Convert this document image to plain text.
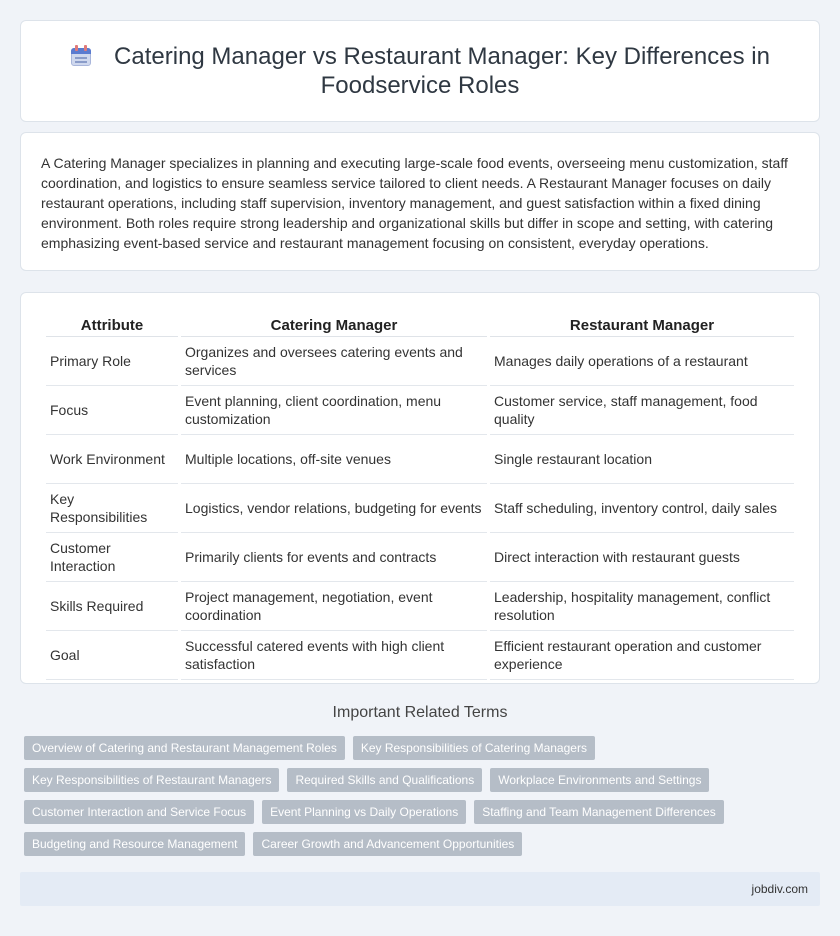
Catering Manager vs Restaurant Manager: Key Differences in Foodservice Roles

A Catering Manager specializes in planning and executing large-scale food events, overseeing menu customization, staff coordination, and logistics to ensure seamless service tailored to client needs. A Restaurant Manager focuses on daily restaurant operations, including staff supervision, inventory management, and guest satisfaction within a fixed dining environment. Both roles require strong leadership and organizational skills but differ in scope and setting, with catering emphasizing event-based service and restaurant management focusing on consistent, everyday operations.

Attribute	Catering Manager	Restaurant Manager
Primary Role	Organizes and oversees catering events and services	Manages daily operations of a restaurant
Focus	Event planning, client coordination, menu customization	Customer service, staff management, food quality
Work Environment	Multiple locations, off-site venues	Single restaurant location
Key Responsibilities	Logistics, vendor relations, budgeting for events	Staff scheduling, inventory control, daily sales
Customer Interaction	Primarily clients for events and contracts	Direct interaction with restaurant guests
Skills Required	Project management, negotiation, event coordination	Leadership, hospitality management, conflict resolution
Goal	Successful catered events with high client satisfaction	Efficient restaurant operation and customer experience
Important Related Terms
Overview of Catering and Restaurant Management Roles	Key Responsibilities of Catering Managers
Key Responsibilities of Restaurant Managers	Required Skills and Qualifications	Workplace Environments and Settings
Customer Interaction and Service Focus	Event Planning vs Daily Operations	Staffing and Team Management Differences
Budgeting and Resource Management	Career Growth and Advancement Opportunities
jobdiv.com
